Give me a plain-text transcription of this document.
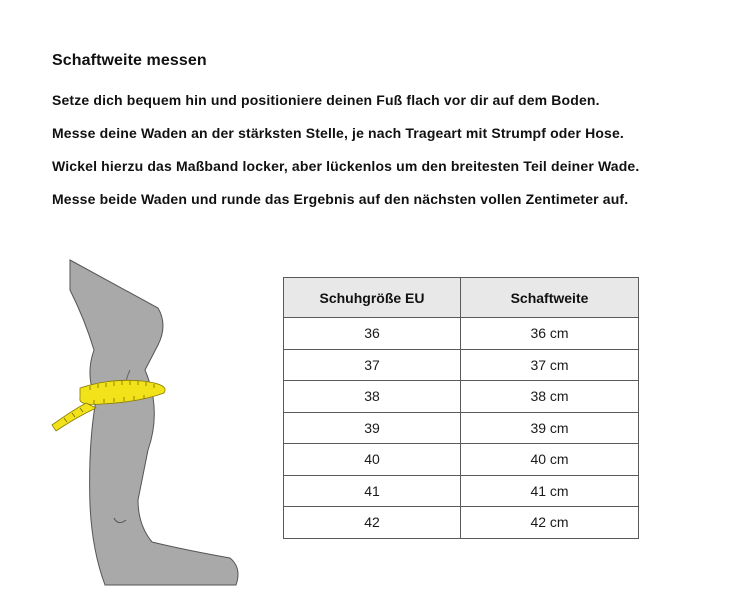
Schaftweite messen
Setze dich bequem hin und positioniere deinen Fuß flach vor dir auf dem Boden.
Messe deine Waden an der stärksten Stelle, je nach Trageart mit Strumpf oder Hose.
Wickel hierzu das Maßband locker, aber lückenlos um den breitesten Teil deiner Wade.
Messe beide Waden und runde das Ergebnis auf den nächsten vollen Zentimeter auf.
Schuhgröße EU	Schaftweite
36	36 cm
37	37 cm
38	38 cm
39	39 cm
40	40 cm
41	41 cm
42	42 cm
